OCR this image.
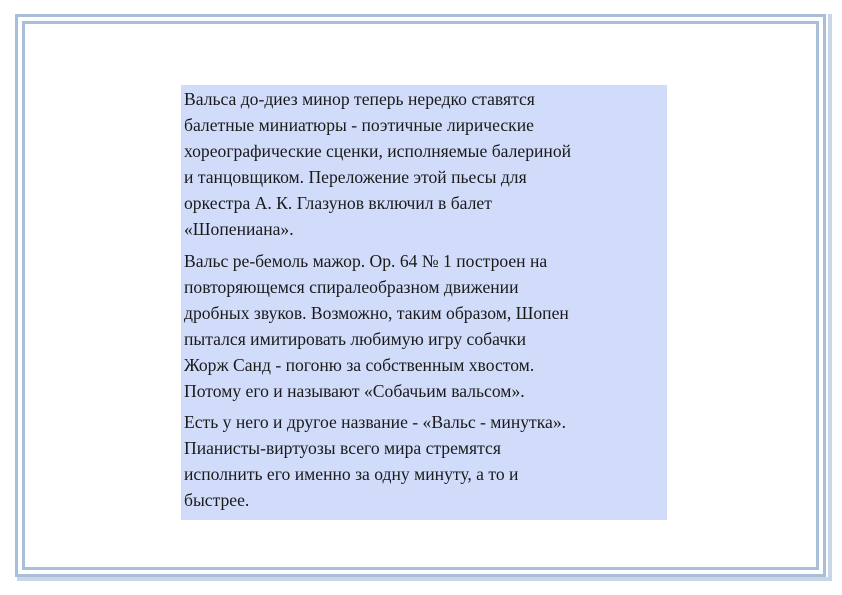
Вальса до-диез минор теперь нередко ставятся
балетные миниатюры - поэтичные лирические
хореографические сценки, исполняемые балериной
и танцовщиком. Переложение этой пьесы для
оркестра А. К. Глазунов включил в балет
«Шопениана».

Вальс ре-бемоль мажор. Ор. 64 № 1 построен на
повторяющемся спиралеобразном движении
дробных звуков. Возможно, таким образом, Шопен
пытался имитировать любимую игру собачки
Жорж Санд - погоню за собственным хвостом.
Потому его и называют «Собачьим вальсом».

Есть у него и другое название - «Вальс - минутка».
Пианисты-виртуозы всего мира стремятся
исполнить его именно за одну минуту, а то и
быстрее.
